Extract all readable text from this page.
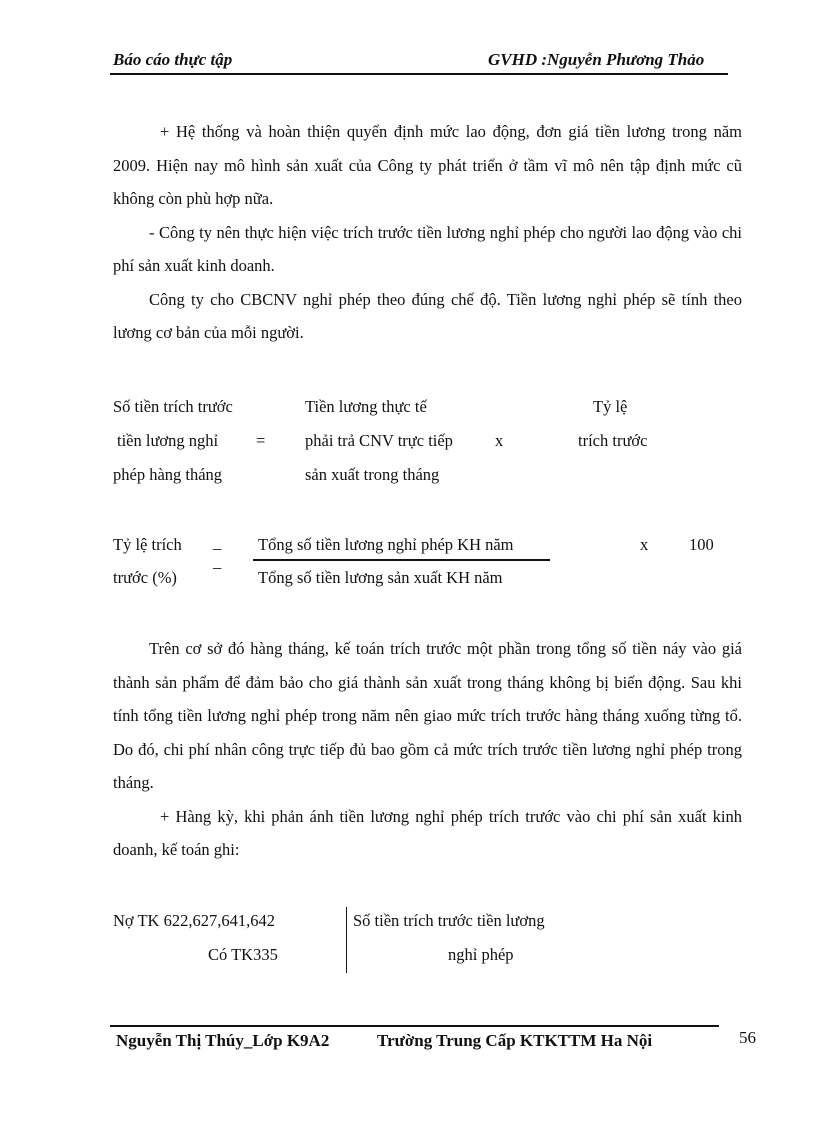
Báo cáo thực tập	GVHD :Nguyễn Phương Thảo

+ Hệ thống và hoàn thiện quyển định mức lao động, đơn giá tiền lương trong năm 2009. Hiện nay mô hình sản xuất của Công ty phát triển ở tầm vĩ mô nên tập định mức cũ không còn phù hợp nữa.

- Công ty nên thực hiện việc trích trước tiền lương nghỉ phép cho người lao động vào chi phí sản xuất kinh doanh.

Công ty cho CBCNV nghỉ phép theo đúng chế độ. Tiền lương nghỉ phép sẽ tính theo lương cơ bản của mỗi người.

Số tiền trích trước
tiền lương nghỉ
phép hàng tháng
=
Tiền lương thực tế
phải trả CNV trực tiếp
sản xuất trong tháng
x
Tỷ lệ
trích trước
Tỷ lệ trích
trước (%)
_
_
Tổng số tiền lương nghỉ phép KH năm
Tổng số tiền lương sản xuất KH năm
x 100

Trên cơ sở đó hàng tháng, kế toán trích trước một phần trong tổng số tiền náy vào giá thành sản phẩm để đảm bảo cho giá thành sản xuất trong tháng không bị biến động. Sau khi tính tổng tiền lương nghỉ phép trong năm nên giao mức trích trước hàng tháng xuống từng tổ. Do đó, chi phí nhân công trực tiếp đủ bao gồm cả mức trích trước tiền lương nghỉ phép trong tháng.

+ Hàng kỳ, khi phản ánh tiền lương nghỉ phép trích trước vào chi phí sản xuất kinh doanh, kế toán ghi:

Nợ TK 622,627,641,642
Có TK335
Số tiền trích trước tiền lương
nghỉ phép
Nguyễn Thị Thúy_Lớp K9A2	Trường Trung Cấp KTKTTM Ha Nội	56
